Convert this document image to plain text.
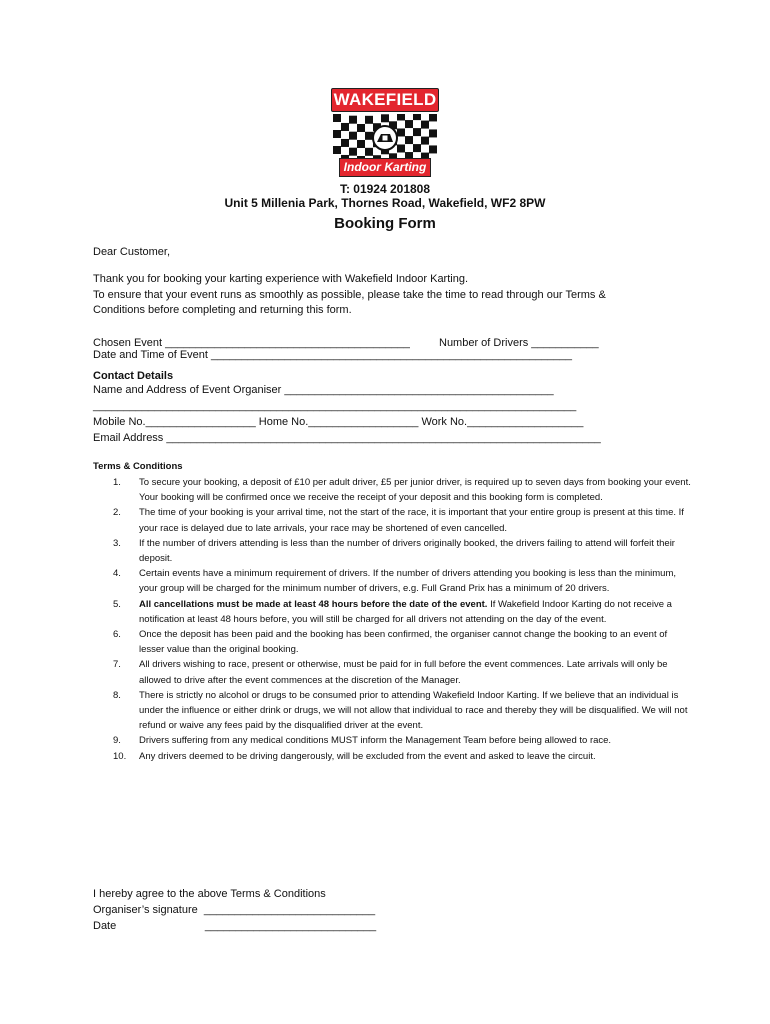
WAKEFIELD
Indoor Karting
T: 01924 201808
Unit 5 Millenia Park, Thornes Road, Wakefield, WF2 8PW
Booking Form
Dear Customer,
Thank you for booking your karting experience with Wakefield Indoor Karting.
To ensure that your event runs as smoothly as possible, please take the time to read through our Terms &
Conditions before completing and returning this form.
Chosen Event ________________________________________	Number of Drivers ___________
Date and Time of Event ___________________________________________________________
Contact Details
Name and Address of Event Organiser ____________________________________________
_______________________________________________________________________________
Mobile No.__________________ Home No.__________________ Work No.___________________
Email Address _______________________________________________________________________
Terms & Conditions
1. To secure your booking, a deposit of £10 per adult driver, £5 per junior driver, is required up to seven days from booking your event. Your booking will be confirmed once we receive the receipt of your deposit and this booking form is completed.
2. The time of your booking is your arrival time, not the start of the race, it is important that your entire group is present at this time. If your race is delayed due to late arrivals, your race may be shortened of even cancelled.
3. If the number of drivers attending is less than the number of drivers originally booked, the drivers failing to attend will forfeit their deposit.
4. Certain events have a minimum requirement of drivers. If the number of drivers attending you booking is less than the minimum, your group will be charged for the minimum number of drivers, e.g. Full Grand Prix has a minimum of 20 drivers.
5. All cancellations must be made at least 48 hours before the date of the event. If Wakefield Indoor Karting do not receive a notification at least 48 hours before, you will still be charged for all drivers not attending on the day of the event.
6. Once the deposit has been paid and the booking has been confirmed, the organiser cannot change the booking to an event of lesser value than the original booking.
7. All drivers wishing to race, present or otherwise, must be paid for in full before the event commences. Late arrivals will only be allowed to drive after the event commences at the discretion of the Manager.
8. There is strictly no alcohol or drugs to be consumed prior to attending Wakefield Indoor Karting. If we believe that an individual is under the influence or either drink or drugs, we will not allow that individual to race and thereby they will be disqualified. We will not refund or waive any fees paid by the disqualified driver at the event.
9. Drivers suffering from any medical conditions MUST inform the Management Team before being allowed to race.
10. Any drivers deemed to be driving dangerously, will be excluded from the event and asked to leave the circuit.
I hereby agree to the above Terms & Conditions
Organiser’s signature  ____________________________
Date                             ____________________________
